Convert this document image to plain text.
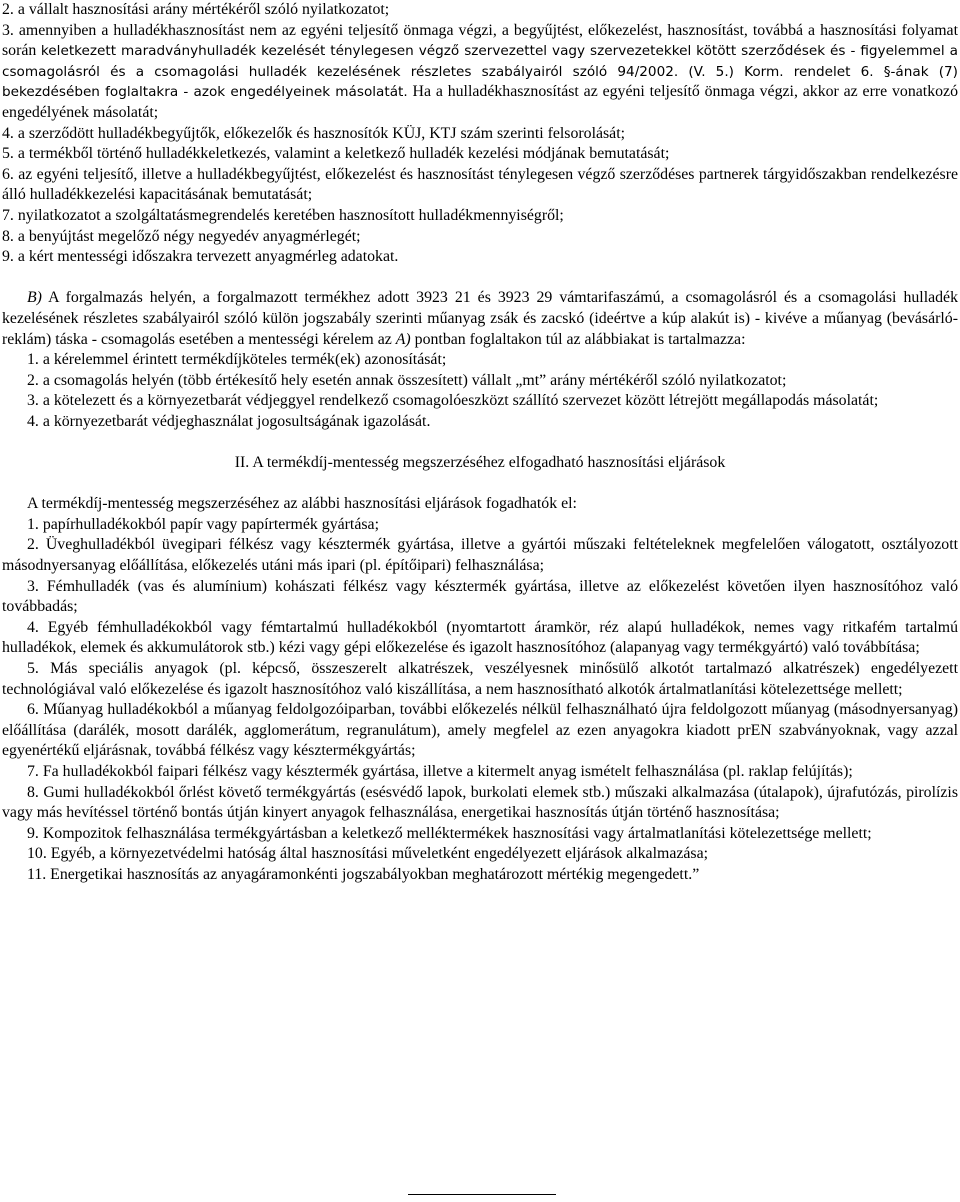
2. a vállalt hasznosítási arány mértékéről szóló nyilatkozatot;

3. amennyiben a hulladékhasznosítást nem az egyéni teljesítő önmaga végzi, a begyűjtést, előkezelést, hasznosítást, továbbá a hasznosítási folyamat során keletkezett maradványhulladék kezelését ténylegesen végző szervezettel vagy szervezetekkel kötött szerződések és - figyelemmel a csomagolásról és a csomagolási hulladék kezelésének részletes szabályairól szóló 94/2002. (V. 5.) Korm. rendelet 6. §-ának (7) bekezdésében foglaltakra - azok engedélyeinek másolatát. Ha a hulladékhasznosítást az egyéni teljesítő önmaga végzi, akkor az erre vonatkozó engedélyének másolatát;

4. a szerződött hulladékbegyűjtők, előkezelők és hasznosítók KÜJ, KTJ szám szerinti felsorolását;

5. a termékből történő hulladékkeletkezés, valamint a keletkező hulladék kezelési módjának bemutatását;

6. az egyéni teljesítő, illetve a hulladékbegyűjtést, előkezelést és hasznosítást ténylegesen végző szerződéses partnerek tárgyidőszakban rendelkezésre álló hulladékkezelési kapacitásának bemutatását;

7. nyilatkozatot a szolgáltatásmegrendelés keretében hasznosított hulladékmennyiségről;

8. a benyújtást megelőző négy negyedév anyagmérlegét;

9. a kért mentességi időszakra tervezett anyagmérleg adatokat.

B) A forgalmazás helyén, a forgalmazott termékhez adott 3923 21 és 3923 29 vámtarifaszámú, a csomagolásról és a csomagolási hulladék kezelésének részletes szabályairól szóló külön jogszabály szerinti műanyag zsák és zacskó (ideértve a kúp alakút is) - kivéve a műanyag (bevásárló-reklám) táska - csomagolás esetében a mentességi kérelem az A) pontban foglaltakon túl az alábbiakat is tartalmazza:

1. a kérelemmel érintett termékdíjköteles termék(ek) azonosítását;

2. a csomagolás helyén (több értékesítő hely esetén annak összesített) vállalt „mt” arány mértékéről szóló nyilatkozatot;

3. a kötelezett és a környezetbarát védjeggyel rendelkező csomagolóeszközt szállító szervezet között létrejött megállapodás másolatát;

4. a környezetbarát védjeghasználat jogosultságának igazolását.

II. A termékdíj-mentesség megszerzéséhez elfogadható hasznosítási eljárások

A termékdíj-mentesség megszerzéséhez az alábbi hasznosítási eljárások fogadhatók el:

1. papírhulladékokból papír vagy papírtermék gyártása;

2. Üveghulladékból üvegipari félkész vagy késztermék gyártása, illetve a gyártói műszaki feltételeknek megfelelően válogatott, osztályozott másodnyersanyag előállítása, előkezelés utáni más ipari (pl. építőipari) felhasználása;

3. Fémhulladék (vas és alumínium) kohászati félkész vagy késztermék gyártása, illetve az előkezelést követően ilyen hasznosítóhoz való továbbadás;

4. Egyéb fémhulladékokból vagy fémtartalmú hulladékokból (nyomtartott áramkör, réz alapú hulladékok, nemes vagy ritkafém tartalmú hulladékok, elemek és akkumulátorok stb.) kézi vagy gépi előkezelése és igazolt hasznosítóhoz (alapanyag vagy termékgyártó) való továbbítása;

5. Más speciális anyagok (pl. képcső, összeszerelt alkatrészek, veszélyesnek minősülő alkotót tartalmazó alkatrészek) engedélyezett technológiával való előkezelése és igazolt hasznosítóhoz való kiszállítása, a nem hasznosítható alkotók ártalmatlanítási kötelezettsége mellett;

6. Műanyag hulladékokból a műanyag feldolgozóiparban, további előkezelés nélkül felhasználható újra feldolgozott műanyag (másodnyersanyag) előállítása (darálék, mosott darálék, agglomerátum, regranulátum), amely megfelel az ezen anyagokra kiadott prEN szabványoknak, vagy azzal egyenértékű eljárásnak, továbbá félkész vagy késztermékgyártás;

7. Fa hulladékokból faipari félkész vagy késztermék gyártása, illetve a kitermelt anyag ismételt felhasználása (pl. raklap felújítás);

8. Gumi hulladékokból őrlést követő termékgyártás (esésvédő lapok, burkolati elemek stb.) műszaki alkalmazása (útalapok), újrafutózás, pirolízis vagy más hevítéssel történő bontás útján kinyert anyagok felhasználása, energetikai hasznosítás útján történő hasznosítása;

9. Kompozitok felhasználása termékgyártásban a keletkező melléktermékek hasznosítási vagy ártalmatlanítási kötelezettsége mellett;

10. Egyéb, a környezetvédelmi hatóság által hasznosítási műveletként engedélyezett eljárások alkalmazása;

11. Energetikai hasznosítás az anyagáramonkénti jogszabályokban meghatározott mértékig megengedett.”
